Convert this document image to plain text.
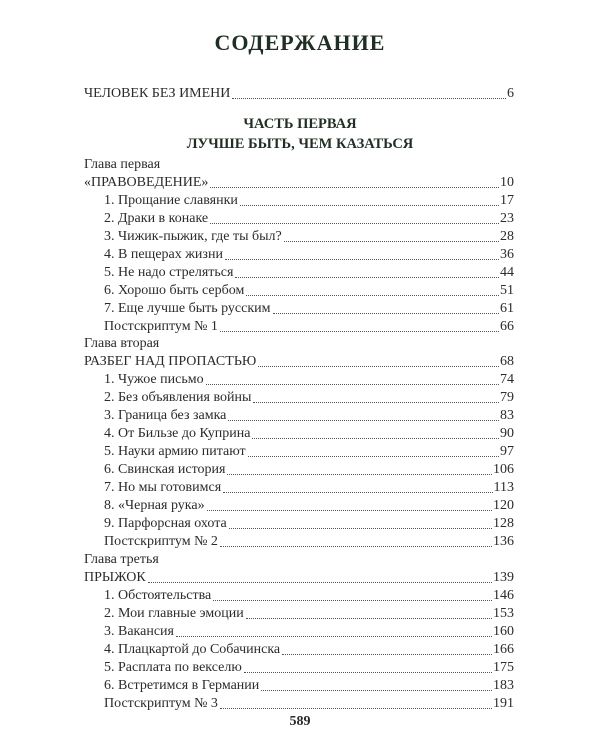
СОДЕРЖАНИЕ
ЧЕЛОВЕК БЕЗ ИМЕНИ	6
ЧАСТЬ ПЕРВАЯ
ЛУЧШЕ БЫТЬ, ЧЕМ КАЗАТЬСЯ
Глава первая
«ПРАВОВЕДЕНИЕ»	10
1. Прощание славянки	17
2. Драки в конаке	23
3. Чижик-пыжик, где ты был?	28
4. В пещерах жизни	36
5. Не надо стреляться	44
6. Хорошо быть сербом	51
7. Еще лучше быть русским	61
Постскриптум № 1	66
Глава вторая
РАЗБЕГ НАД ПРОПАСТЬЮ	68
1. Чужое письмо	74
2. Без объявления войны	79
3. Граница без замка	83
4. От Бильзе до Куприна	90
5. Науки армию питают	97
6. Свинская история	106
7. Но мы готовимся	113
8. «Черная рука»	120
9. Парфорсная охота	128
Постскриптум № 2	136
Глава третья
ПРЫЖОК	139
1. Обстоятельства	146
2. Мои главные эмоции	153
3. Вакансия	160
4. Плацкартой до Собачинска	166
5. Расплата по векселю	175
6. Встретимся в Германии	183
Постскриптум № 3	191
589
